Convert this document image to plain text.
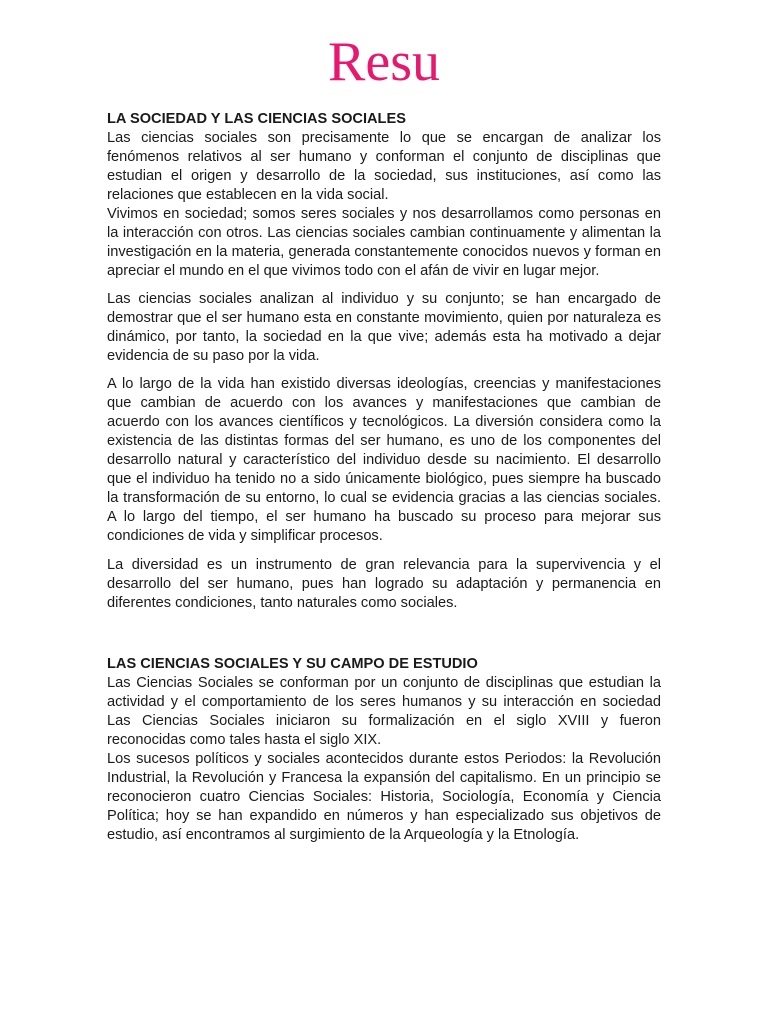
Resu

LA SOCIEDAD Y LAS CIENCIAS SOCIALES

Las ciencias sociales son precisamente lo que se encargan de analizar los fenómenos relativos al ser humano y conforman el conjunto de disciplinas que estudian el origen y desarrollo de la sociedad, sus instituciones, así como las relaciones que establecen en la vida social.

Vivimos en sociedad; somos seres sociales y nos desarrollamos como personas en la interacción con otros. Las ciencias sociales cambian continuamente y alimentan la investigación en la materia, generada constantemente conocidos nuevos y forman en apreciar el mundo en el que vivimos todo con el afán de vivir en lugar mejor.

Las ciencias sociales analizan al individuo y su conjunto; se han encargado de demostrar que el ser humano esta en constante movimiento, quien por naturaleza es dinámico, por tanto, la sociedad en la que vive; además esta ha motivado a dejar evidencia de su paso por la vida.

A lo largo de la vida han existido diversas ideologías, creencias y manifestaciones que cambian de acuerdo con los avances y manifestaciones que cambian de acuerdo con los avances científicos y tecnológicos. La diversión considera como la existencia de las distintas formas del ser humano, es uno de los componentes del desarrollo natural y característico del individuo desde su nacimiento. El desarrollo que el individuo ha tenido no a sido únicamente biológico, pues siempre ha buscado la transformación de su entorno, lo cual se evidencia gracias a las ciencias sociales. A lo largo del tiempo, el ser humano ha buscado su proceso para mejorar sus condiciones de vida y simplificar procesos.

La diversidad es un instrumento de gran relevancia para la supervivencia y el desarrollo del ser humano, pues han logrado su adaptación y permanencia en diferentes condiciones, tanto naturales como sociales.

LAS CIENCIAS SOCIALES Y SU CAMPO DE ESTUDIO

Las Ciencias Sociales se conforman por un conjunto de disciplinas que estudian la actividad y el comportamiento de los seres humanos y su interacción en sociedad Las Ciencias Sociales iniciaron su formalización en el siglo XVIII y fueron reconocidas como tales hasta el siglo XIX.

Los sucesos políticos y sociales acontecidos durante estos Periodos: la Revolución Industrial, la Revolución y Francesa la expansión del capitalismo. En un principio se reconocieron cuatro Ciencias Sociales: Historia, Sociología, Economía y Ciencia Política; hoy se han expandido en números y han especializado sus objetivos de estudio, así encontramos al surgimiento de la Arqueología y la Etnología.
